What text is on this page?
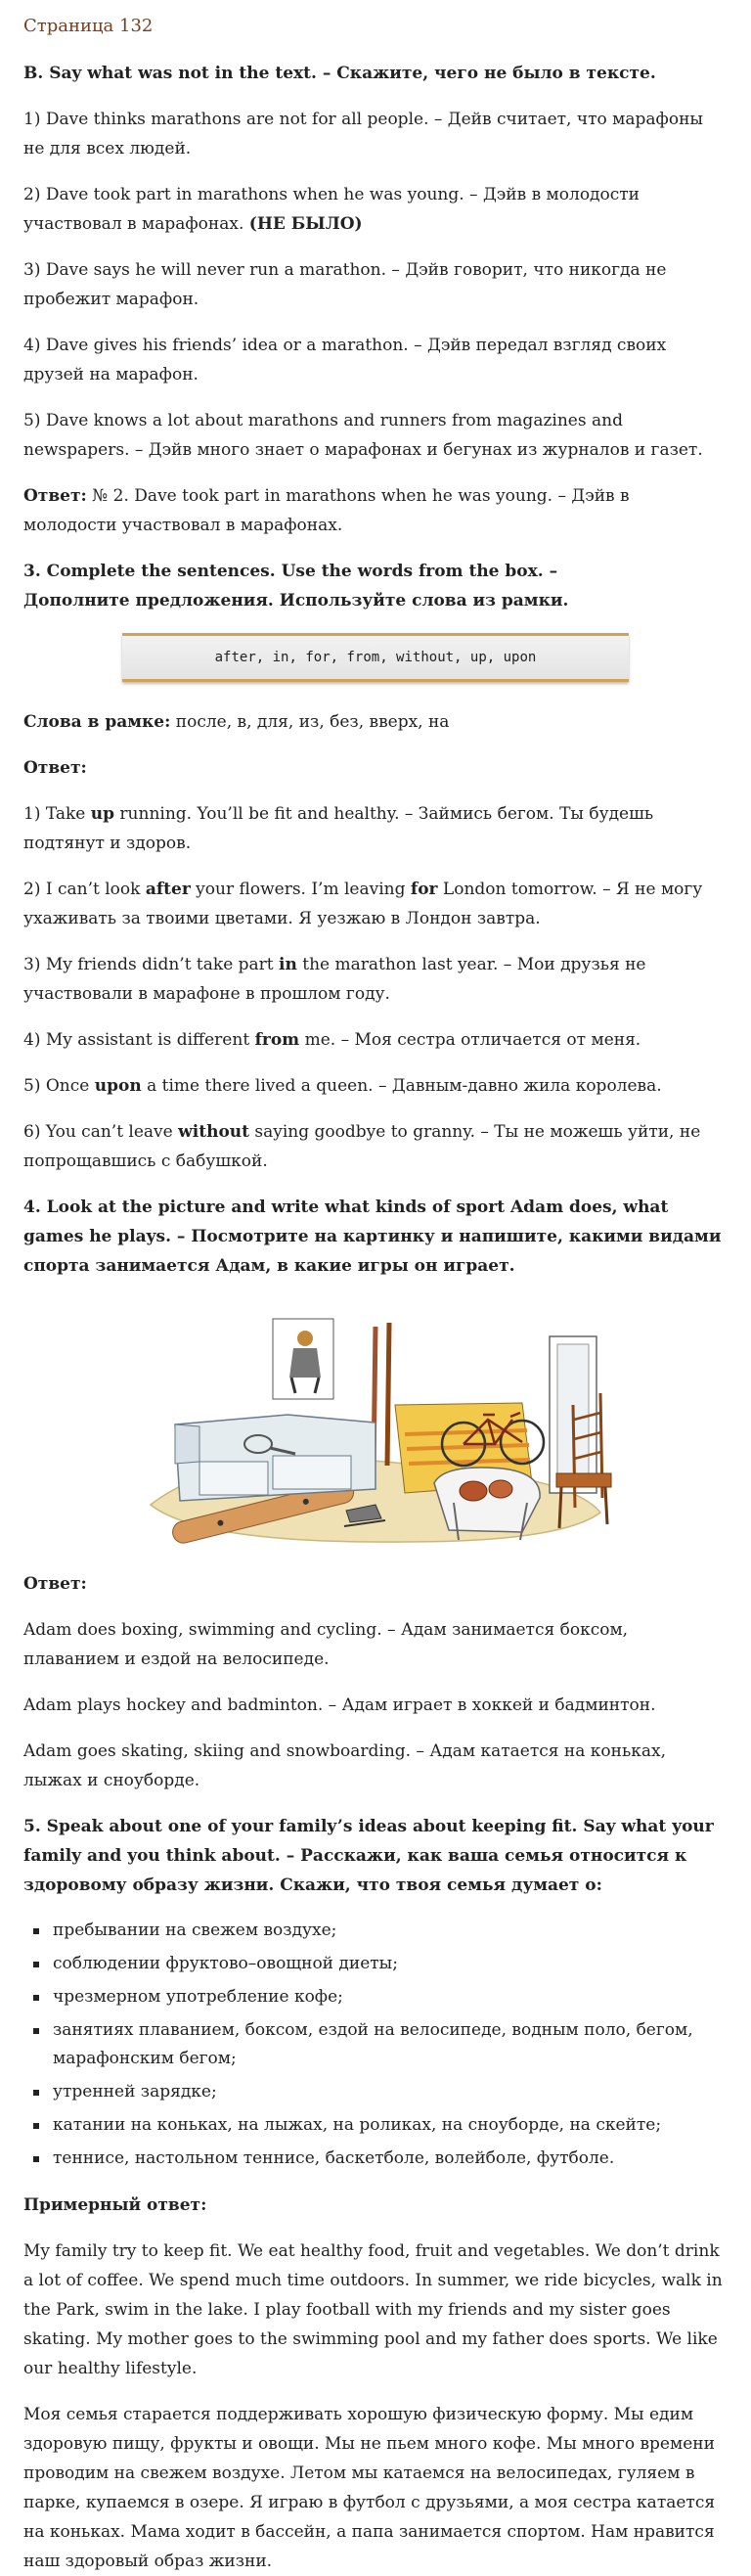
Страница 132

B. Say what was not in the text. – Скажите, чего не было в тексте.

1) Dave thinks marathons are not for all people. – Дейв считает, что марафоны не для всех людей.

2) Dave took part in marathons when he was young. – Дэйв в молодости участвовал в марафонах. (НЕ БЫЛО)

3) Dave says he will never run a marathon. – Дэйв говорит, что никогда не пробежит марафон.

4) Dave gives his friends’ idea or a marathon. – Дэйв передал взгляд своих друзей на марафон.

5) Dave knows a lot about marathons and runners from magazines and newspapers. – Дэйв много знает о марафонах и бегунах из журналов и газет.

Ответ: № 2. Dave took part in marathons when he was young. – Дэйв в молодости участвовал в марафонах.

3. Complete the sentences. Use the words from the box. –
Дополните предложения. Используйте слова из рамки.

after, in, for, from, without, up, upon

Слова в рамке: после, в, для, из, без, вверх, на

Ответ:

1) Take up running. You’ll be fit and healthy. – Займись бегом. Ты будешь подтянут и здоров.

2) I can’t look after your flowers. I’m leaving for London tomorrow. – Я не могу ухаживать за твоими цветами. Я уезжаю в Лондон завтра.

3) My friends didn’t take part in the marathon last year. – Мои друзья не участвовали в марафоне в прошлом году.

4) My assistant is different from me. – Моя сестра отличается от меня.

5) Once upon a time there lived a queen. – Давным-давно жила королева.

6) You can’t leave without saying goodbye to granny. – Ты не можешь уйти, не попрощавшись с бабушкой.

4. Look at the picture and write what kinds of sport Adam does, what games he plays. – Посмотрите на картинку и напишите, какими видами спорта занимается Адам, в какие игры он играет.

Ответ:

Adam does boxing, swimming and cycling. – Адам занимается боксом, плаванием и ездой на велосипеде.

Adam plays hockey and badminton. – Адам играет в хоккей и бадминтон.

Adam goes skating, skiing and snowboarding. – Адам катается на коньках, лыжах и сноуборде.

5. Speak about one of your family’s ideas about keeping fit. Say what your family and you think about. – Расскажи, как ваша семья относится к здоровому образу жизни. Скажи, что твоя семья думает о:

пребывании на свежем воздухе;
соблюдении фруктово–овощной диеты;
чрезмерном употребление кофе;
занятиях плаванием, боксом, ездой на велосипеде, водным поло, бегом, марафонским бегом;
утренней зарядке;
катании на коньках, на лыжах, на роликах, на сноуборде, на скейте;
теннисе, настольном теннисе, баскетболе, волейболе, футболе.

Примерный ответ:

My family try to keep fit. We eat healthy food, fruit and vegetables. We don’t drink a lot of coffee. We spend much time outdoors. In summer, we ride bicycles, walk in the Park, swim in the lake. I play football with my friends and my sister goes skating. My mother goes to the swimming pool and my father does sports. We like our healthy lifestyle.

Моя семья старается поддерживать хорошую физическую форму. Мы едим здоровую пищу, фрукты и овощи. Мы не пьем много кофе. Мы много времени проводим на свежем воздухе. Летом мы катаемся на велосипедах, гуляем в парке, купаемся в озере. Я играю в футбол с друзьями, а моя сестра катается на коньках. Мама ходит в бассейн, а папа занимается спортом. Нам нравится наш здоровый образ жизни.
